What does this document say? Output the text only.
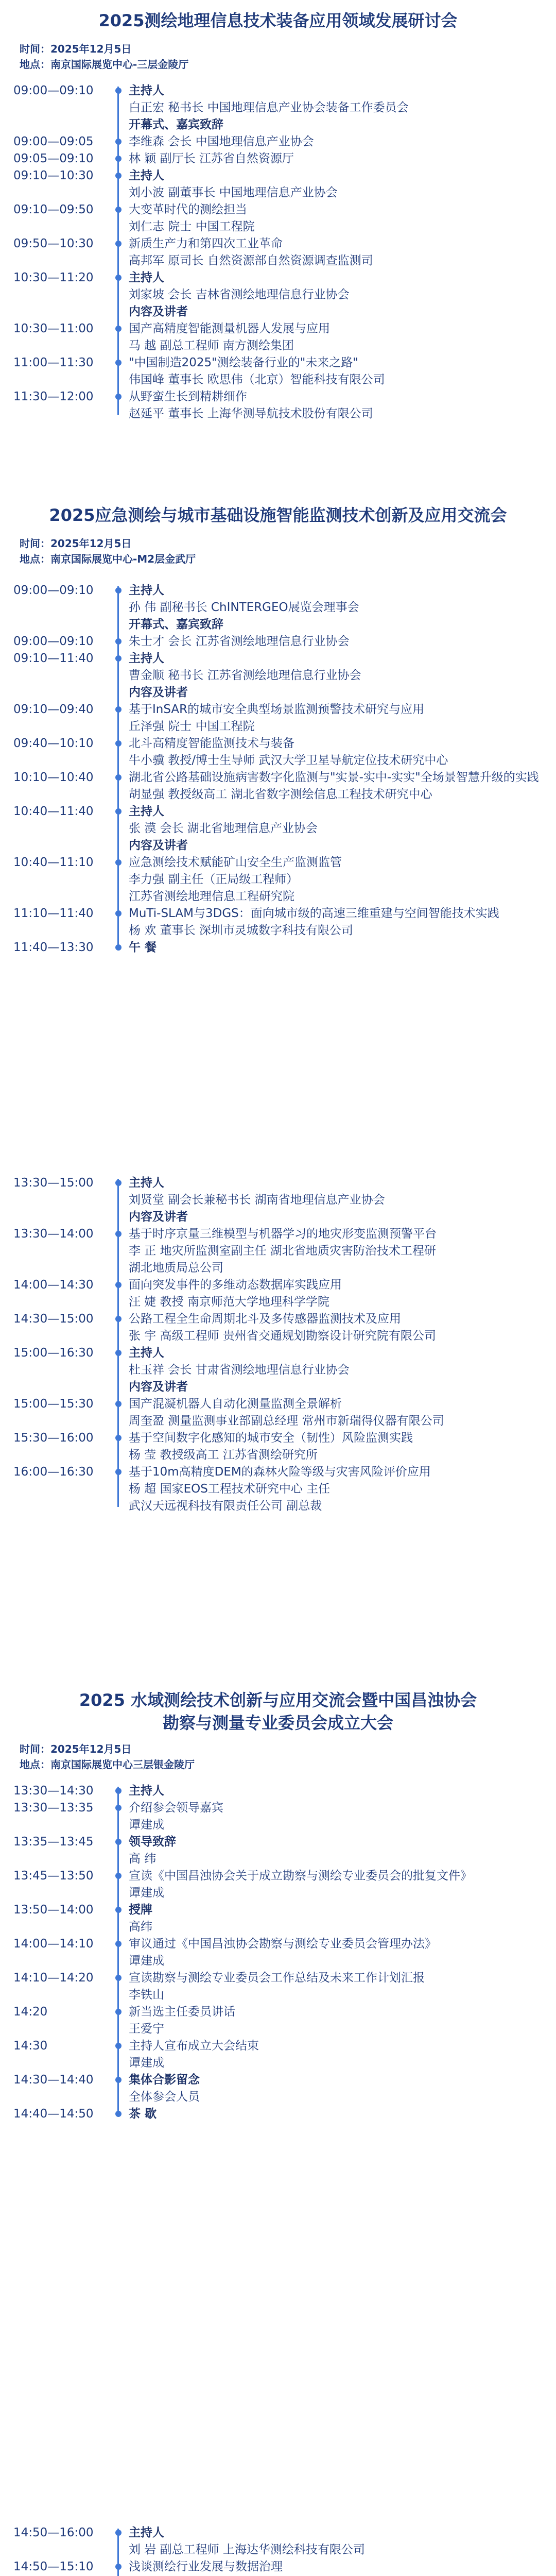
2025测绘地理信息技术装备应用领域发展研讨会
时间：2025年12月5日
地点：南京国际展览中心-三层金陵厅
09:00—09:10	主持人
白正宏 秘书长 中国地理信息产业协会装备工作委员会
开幕式、嘉宾致辞
09:00—09:05	李维森 会长 中国地理信息产业协会
09:05—09:10	林 颖 副厅长 江苏省自然资源厅
09:10—10:30	主持人
刘小波 副董事长 中国地理信息产业协会
09:10—09:50	大变革时代的测绘担当
刘仁志 院士 中国工程院
09:50—10:30	新质生产力和第四次工业革命
高邦军 原司长 自然资源部自然资源调查监测司
10:30—11:20	主持人
刘家坡 会长 吉林省测绘地理信息行业协会
内容及讲者
10:30—11:00	国产高精度智能测量机器人发展与应用
马 越 副总工程师 南方测绘集团
11:00—11:30	"中国制造2025"测绘装备行业的"未来之路"
伟国峰 董事长 欧思伟（北京）智能科技有限公司
11:30—12:00	从野蛮生长到精耕细作
赵延平 董事长 上海华测导航技术股份有限公司
2025应急测绘与城市基础设施智能监测技术创新及应用交流会
时间：2025年12月5日
地点：南京国际展览中心-M2层金武厅
09:00—09:10	主持人
孙 伟 副秘书长 ChINTERGEO展览会理事会
开幕式、嘉宾致辞
09:00—09:10	朱士才 会长 江苏省测绘地理信息行业协会
09:10—11:40	主持人
曹金顺 秘书长 江苏省测绘地理信息行业协会
内容及讲者
09:10—09:40	基于InSAR的城市安全典型场景监测预警技术研究与应用
丘泽强 院士 中国工程院
09:40—10:10	北斗高精度智能监测技术与装备
牛小骥 教授/博士生导师 武汉大学卫星导航定位技术研究中心
10:10—10:40	湖北省公路基础设施病害数字化监测与"实景-实中-实实"全场景智慧升级的实践
胡显强 教授级高工 湖北省数字测绘信息工程技术研究中心
10:40—11:40	主持人
张 漠 会长 湖北省地理信息产业协会
内容及讲者
10:40—11:10	应急测绘技术赋能矿山安全生产监测监管
李力强 副主任（正局级工程师）
江苏省测绘地理信息工程研究院
11:10—11:40	MuTi-SLAM与3DGS：面向城市级的高速三维重建与空间智能技术实践
杨 欢 董事长 深圳市灵城数字科技有限公司
11:40—13:30	午 餐
13:30—15:00	主持人
刘贤堂 副会长兼秘书长 湖南省地理信息产业协会
内容及讲者
13:30—14:00	基于时序京量三维模型与机器学习的地灾形变监测预警平台
李 正 地灾所监测室副主任 湖北省地质灾害防治技术工程研
湖北地质局总公司
14:00—14:30	面向突发事件的多维动态数据库实践应用
汪 婕 教授 南京师范大学地理科学学院
14:30—15:00	公路工程全生命周期北斗及多传感器监测技术及应用
张 宇 高级工程师 贵州省交通规划勘察设计研究院有限公司
15:00—16:30	主持人
杜玉祥 会长 甘肃省测绘地理信息行业协会
内容及讲者
15:00—15:30	国产混凝机器人自动化测量监测全景解析
周奎盈 测量监测事业部副总经理 常州市新瑞得仪器有限公司
15:30—16:00	基于空间数字化感知的城市安全（韧性）风险监测实践
杨 莹 教授级高工 江苏省测绘研究所
16:00—16:30	基于10m高精度DEM的森林火险等级与灾害风险评价应用
杨 超 国家EOS工程技术研究中心 主任
武汉天远视科技有限责任公司 副总裁
2025 水域测绘技术创新与应用交流会暨中国昌浊协会
勘察与测量专业委员会成立大会
时间：2025年12月5日
地点：南京国际展览中心三层银金陵厅
13:30—14:30	主持人
13:30—13:35	介绍参会领导嘉宾
谭建成
13:35—13:45	领导致辞
高 纬
13:45—13:50	宣读《中国昌浊协会关于成立勘察与测绘专业委员会的批复文件》
谭建成
13:50—14:00	授牌
高纬
14:00—14:10	审议通过《中国昌浊协会勘察与测绘专业委员会管理办法》
谭建成
14:10—14:20	宣读勘察与测绘专业委员会工作总结及未来工作计划汇报
李铁山
14:20	新当选主任委员讲话
王爱宁
14:30	主持人宣布成立大会结束
谭建成
14:30—14:40	集体合影留念
全体参会人员
14:40—14:50	茶 歇
14:50—16:00	主持人
刘 岩 副总工程师 上海达华测绘科技有限公司
14:50—15:10	浅谈测绘行业发展与数据治理
